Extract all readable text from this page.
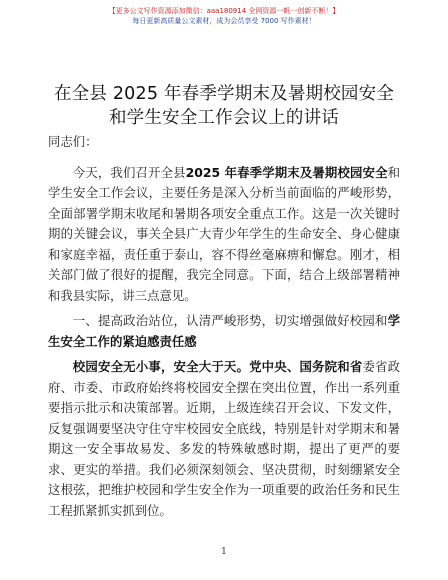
【更多公文写作资源添加微信：aaa180914 全网资源一帆一创新不断！】
每日更新高质量公文素材，成为会员享受 7000 写作素材！
在全县 2025 年春季学期末及暑期校园安全和学生安全工作会议上的讲话

同志们：

今天，我们召开全县2025 年春季学期末及暑期校园安全和学生安全工作会议，主要任务是深入分析当前面临的严峻形势，全面部署学期末收尾和暑期各项安全重点工作。这是一次关键时期的关键会议，事关全县广大青少年学生的生命安全、身心健康和家庭幸福，责任重于泰山，容不得丝毫麻痹和懈怠。刚才，相关部门做了很好的提醒，我完全同意。下面，结合上级部署精神和我县实际，讲三点意见。

一、提高政治站位，认清严峻形势，切实增强做好校园和学生安全工作的紧迫感责任感

校园安全无小事，安全大于天。党中央、国务院和省委省政府、市委、市政府始终将校园安全摆在突出位置，作出一系列重要指示批示和决策部署。近期，上级连续召开会议、下发文件，反复强调要坚决守住守牢校园安全底线，特别是针对学期末和暑期这一安全事故易发、多发的特殊敏感时期，提出了更严的要求、更实的举措。我们必须深刻领会、坚决贯彻，时刻绷紧安全这根弦，把维护校园和学生安全作为一项重要的政治任务和民生工程抓紧抓实抓到位。

1
